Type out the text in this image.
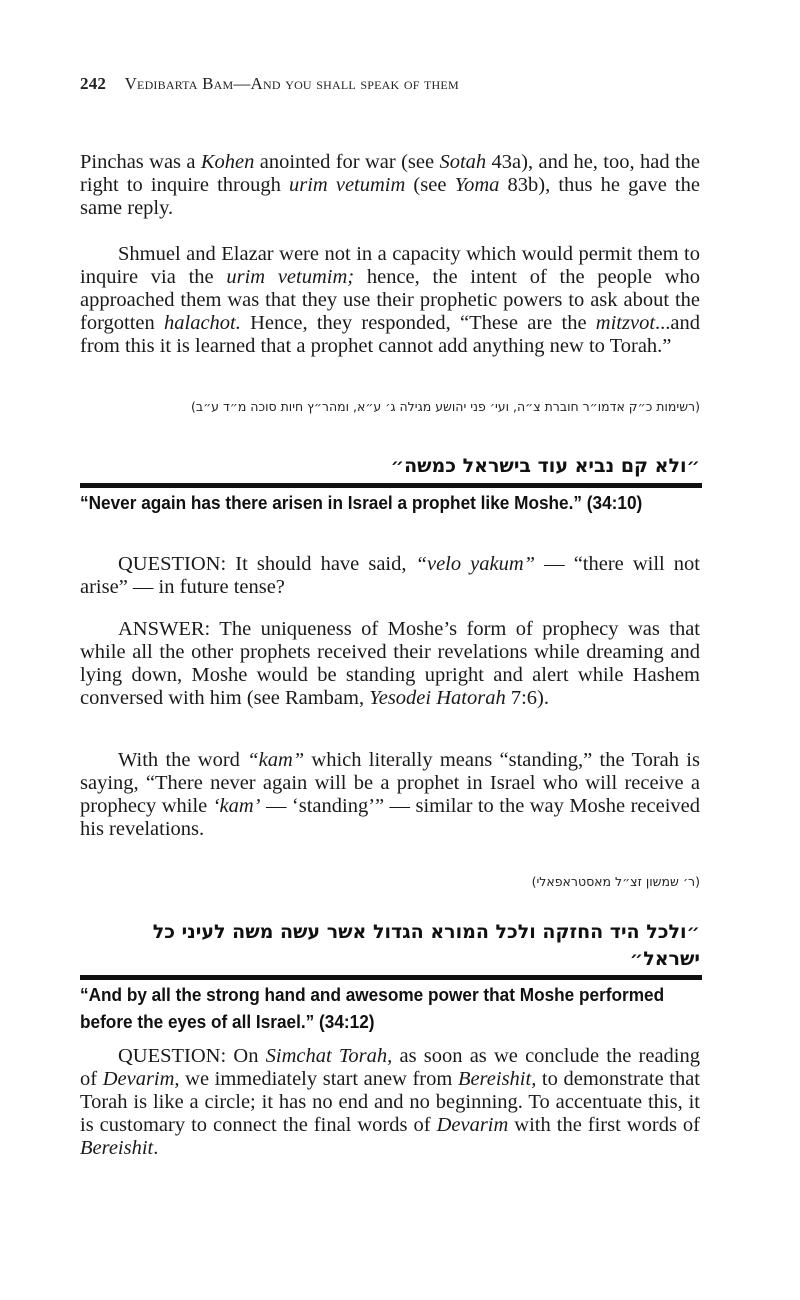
242 Vedibarta Bam—And you shall speak of them
Pinchas was a Kohen anointed for war (see Sotah 43a), and he, too, had the right to inquire through urim vetumim (see Yoma 83b), thus he gave the same reply.
Shmuel and Elazar were not in a capacity which would permit them to inquire via the urim vetumim; hence, the intent of the people who approached them was that they use their prophetic powers to ask about the forgotten halachot. Hence, they responded, “These are the mitzvot...and from this it is learned that a prophet cannot add anything new to Torah.”
(רשימות כ״ק אדמו״ר חוברת צ״ה, ועי׳ פני יהושע מגילה ג׳ ע״א, ומהר״ץ חיות סוכה מ״ד ע״ב)
״ולא קם נביא עוד בישראל כמשה״
“Never again has there arisen in Israel a prophet like Moshe.” (34:10)
QUESTION: It should have said, “velo yakum” — “there will not arise” — in future tense?
ANSWER: The uniqueness of Moshe’s form of prophecy was that while all the other prophets received their revelations while dreaming and lying down, Moshe would be standing upright and alert while Hashem conversed with him (see Rambam, Yesodei Hatorah 7:6).
With the word “kam” which literally means “standing,” the Torah is saying, “There never again will be a prophet in Israel who will receive a prophecy while ‘kam’ — ‘standing’” — similar to the way Moshe received his revelations.
(ר׳ שמשון זצ״ל מאסטראפאלי)
״ולכל היד החזקה ולכל המורא הגדול אשר עשה משה לעיני כל ישראל״
“And by all the strong hand and awesome power that Moshe performed before the eyes of all Israel.” (34:12)
QUESTION: On Simchat Torah, as soon as we conclude the reading of Devarim, we immediately start anew from Bereishit, to demonstrate that Torah is like a circle; it has no end and no beginning. To accentuate this, it is customary to connect the final words of Devarim with the first words of Bereishit.
